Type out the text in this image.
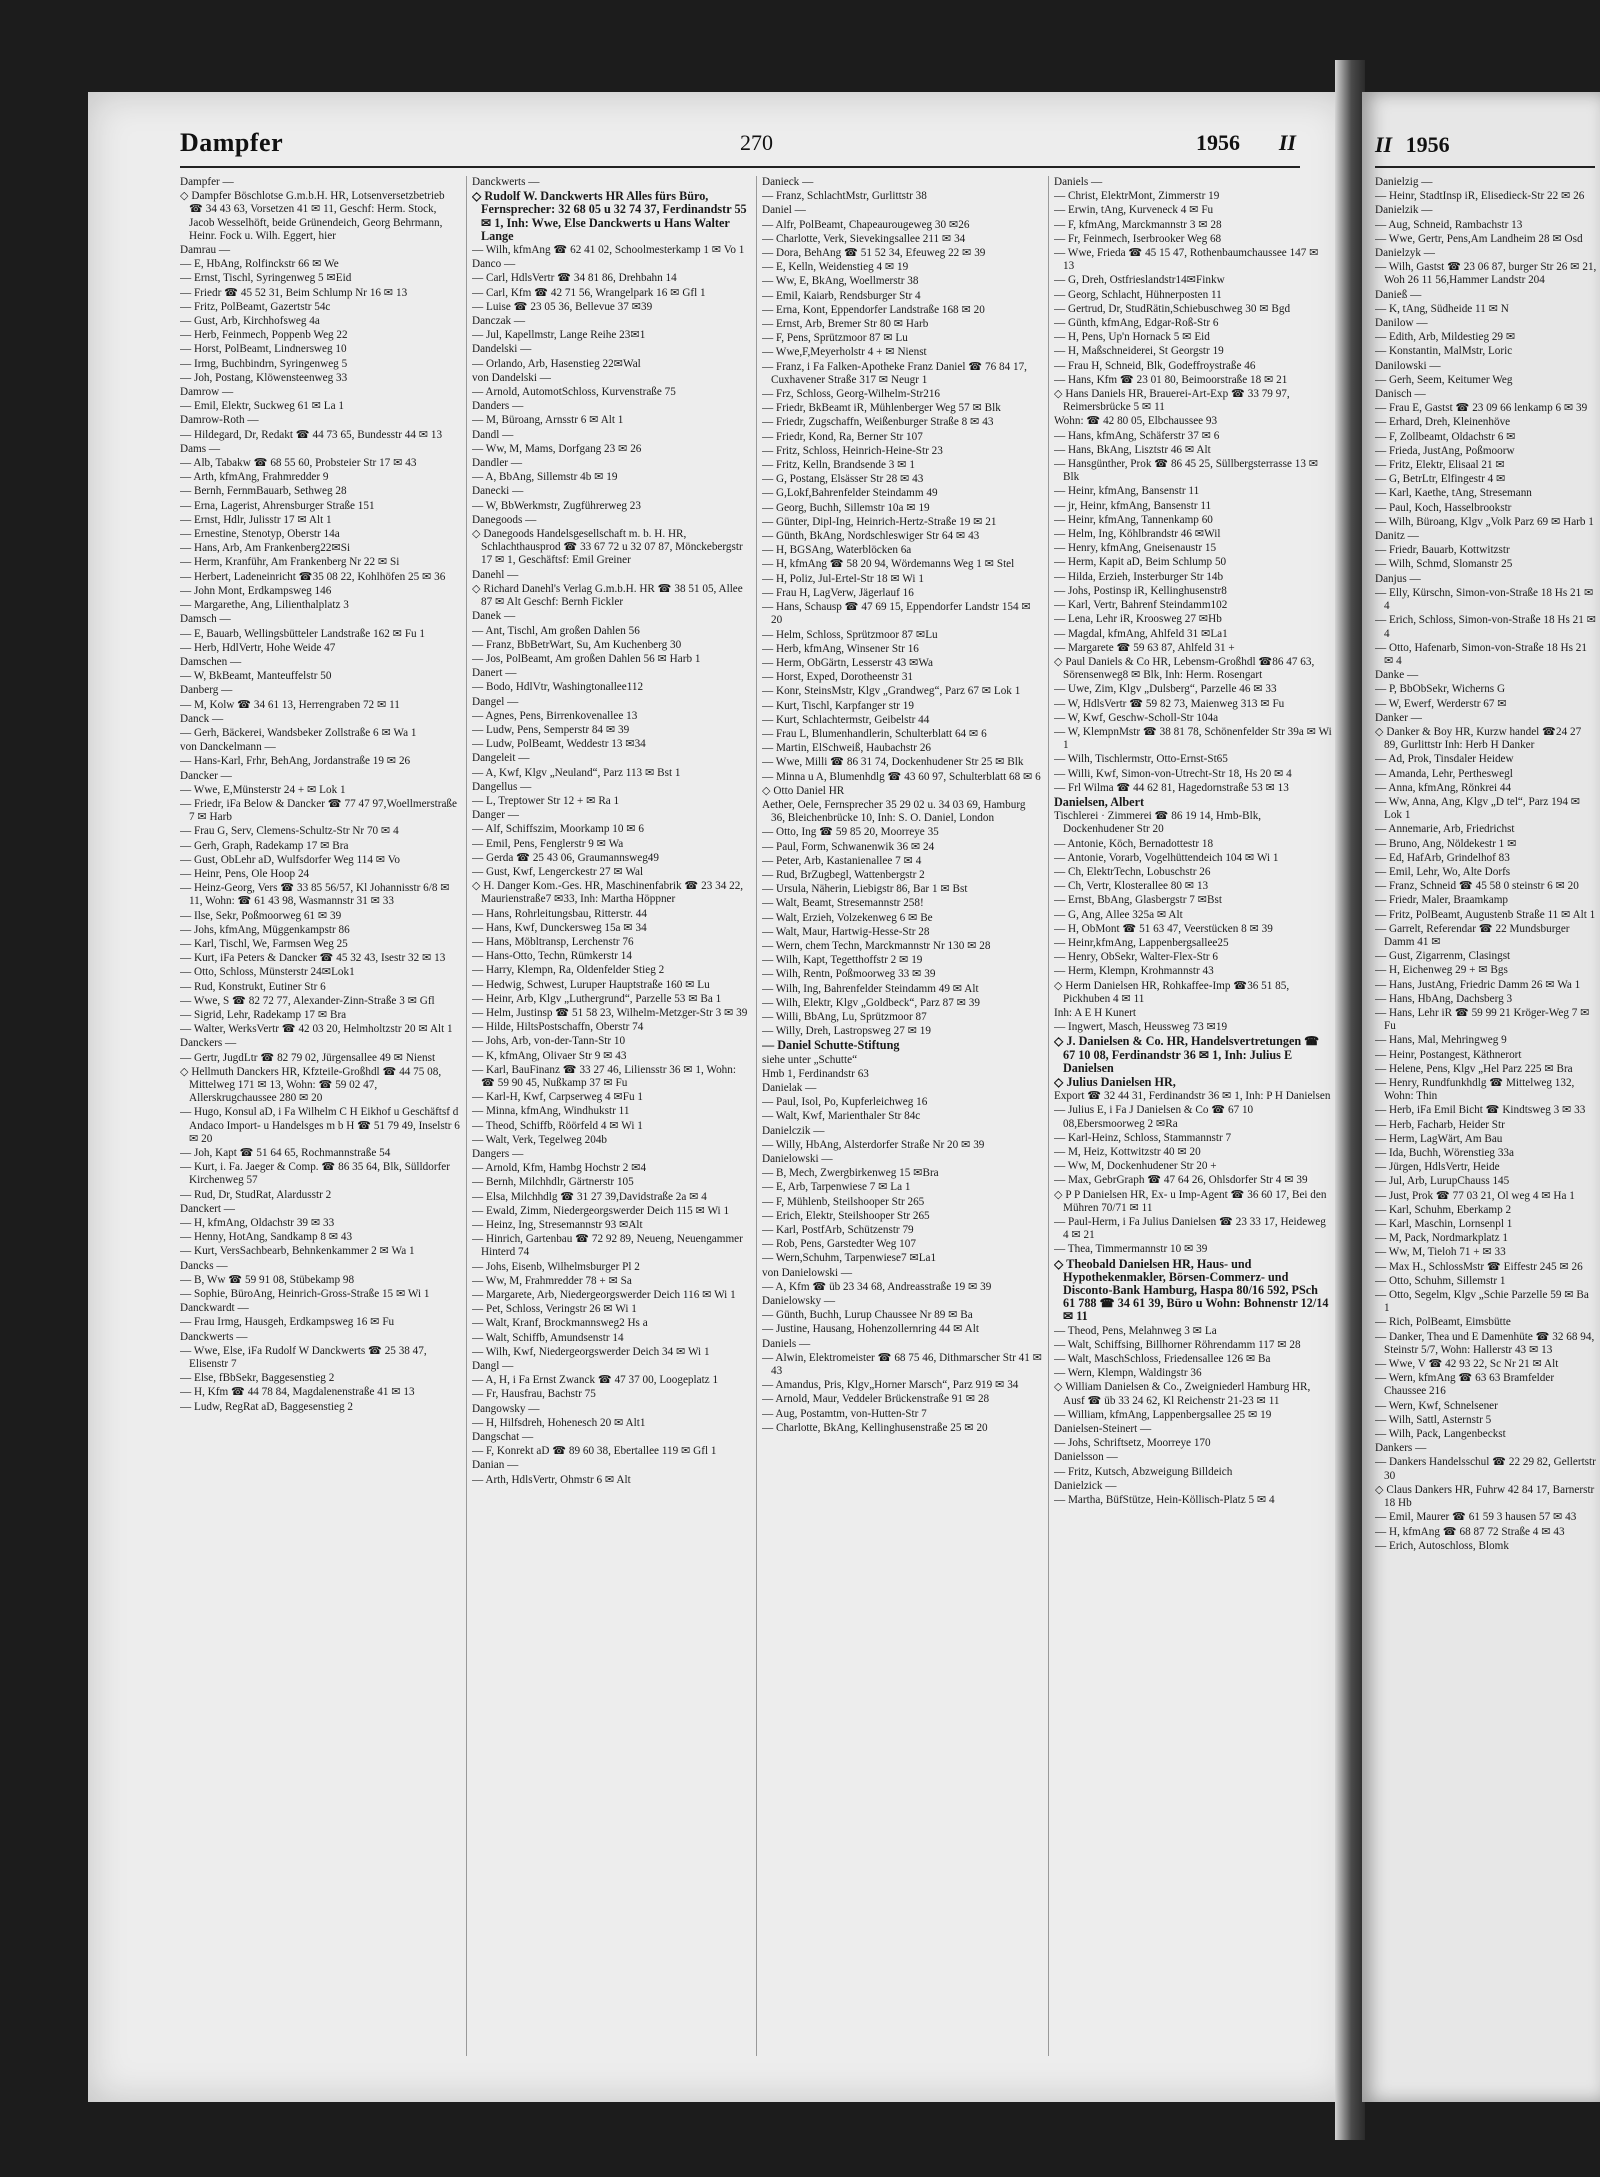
Dampfer	270	1956 II	II 1956
Dampfer —
◇ Dampfer Böschlotse G.m.b.H. HR, Lotsenversetzbetrieb ☎ 34 43 63, Vorsetzen 41 ✉ 11, Geschf: Herm. Stock, Jacob Wesselhöft, beide Grünendeich, Georg Behrmann, Heinr. Fock u. Wilh. Eggert, hier
Damrau —
— E, HbAng, Rolfinckstr 66 ✉ We
— Ernst, Tischl, Syringenweg 5 ✉Eid
— Friedr ☎ 45 52 31, Beim Schlump Nr 16 ✉ 13
— Fritz, PolBeamt, Gazertstr 54c
— Gust, Arb, Kirchhofsweg 4a
— Herb, Feinmech, Poppenb Weg 22
— Horst, PolBeamt, Lindnersweg 10
— Irmg, Buchbindrn, Syringenweg 5
— Joh, Postang, Klöwensteenweg 33
Damrow —
— Emil, Elektr, Suckweg 61 ✉ La 1
Damrow-Roth —
— Hildegard, Dr, Redakt ☎ 44 73 65, Bundesstr 44 ✉ 13
Dams —
— Alb, Tabakw ☎ 68 55 60, Probsteier Str 17 ✉ 43
— Arth, kfmAng, Frahmredder 9
— Bernh, FernmBauarb, Sethweg 28
— Erna, Lagerist, Ahrensburger Straße 151
— Ernst, Hdlr, Julisstr 17 ✉ Alt 1
— Ernestine, Stenotyp, Oberstr 14a
— Hans, Arb, Am Frankenberg22✉Si
— Herm, Kranführ, Am Frankenberg Nr 22 ✉ Si
— Herbert, Ladeneinricht ☎35 08 22, Kohlhöfen 25 ✉ 36
— John Mont, Erdkampsweg 146
— Margarethe, Ang, Lilienthalplatz 3
Damsch —
— E, Bauarb, Wellingsbütteler Landstraße 162 ✉ Fu 1
— Herb, HdlVertr, Hohe Weide 47
Damschen —
— W, BkBeamt, Manteuffelstr 50
Danberg —
— M, Kolw ☎ 34 61 13, Herrengraben 72 ✉ 11
Danck —
— Gerh, Bäckerei, Wandsbeker Zollstraße 6 ✉ Wa 1
von Danckelmann —
— Hans-Karl, Frhr, BehAng, Jordanstraße 19 ✉ 26
Dancker —
— Wwe, E,Münsterstr 24 + ✉ Lok 1
— Friedr, iFa Below & Dancker ☎ 77 47 97,Woellmerstraße 7 ✉ Harb
— Frau G, Serv, Clemens-Schultz-Str Nr 70 ✉ 4
— Gerh, Graph, Radekamp 17 ✉ Bra
— Gust, ObLehr aD, Wulfsdorfer Weg 114 ✉ Vo
— Heinr, Pens, Ole Hoop 24
— Heinz-Georg, Vers ☎ 33 85 56/57, Kl Johannisstr 6/8 ✉ 11, Wohn: ☎ 61 43 98, Wasmannstr 31 ✉ 33
— Ilse, Sekr, Poßmoorweg 61 ✉ 39
— Johs, kfmAng, Müggenkampstr 86
— Karl, Tischl, We, Farmsen Weg 25
— Kurt, iFa Peters & Dancker ☎ 45 32 43, Isestr 32 ✉ 13
— Otto, Schloss, Münsterstr 24✉Lok1
— Rud, Konstrukt, Eutiner Str 6
— Wwe, S ☎ 82 72 77, Alexander-Zinn-Straße 3 ✉ Gfl
— Sigrid, Lehr, Radekamp 17 ✉ Bra
— Walter, WerksVertr ☎ 42 03 20, Helmholtzstr 20 ✉ Alt 1
Danckers —
— Gertr, JugdLtr ☎ 82 79 02, Jürgensallee 49 ✉ Nienst
◇ Hellmuth Danckers HR, Kfzteile-Großhdl ☎ 44 75 08, Mittelweg 171 ✉ 13, Wohn: ☎ 59 02 47, Allerskrugchaussee 280 ✉ 20
— Hugo, Konsul aD, i Fa Wilhelm C H Eikhof u Geschäftsf d Andaco Import- u Handelsges m b H ☎ 51 79 49, Inselstr 6 ✉ 20
— Joh, Kapt ☎ 51 64 65, Rochmannstraße 54
— Kurt, i. Fa. Jaeger & Comp. ☎ 86 35 64, Blk, Sülldorfer Kirchenweg 57
— Rud, Dr, StudRat, Alardusstr 2
Danckert —
— H, kfmAng, Oldachstr 39 ✉ 33
— Henny, HotAng, Sandkamp 8 ✉ 43
— Kurt, VersSachbearb, Behnkenkammer 2 ✉ Wa 1
Dancks —
— B, Ww ☎ 59 91 08, Stübekamp 98
— Sophie, BüroAng, Heinrich-Gross-Straße 15 ✉ Wi 1
Danckwardt —
— Frau Irmg, Hausgeh, Erdkampsweg 16 ✉ Fu
Danckwerts —
— Wwe, Else, iFa Rudolf W Danckwerts ☎ 25 38 47, Elisenstr 7
— Else, fBbSekr, Baggesenstieg 2
— H, Kfm ☎ 44 78 84, Magdalenenstraße 41 ✉ 13
— Ludw, RegRat aD, Baggesenstieg 2
Danckwerts —
◇ Rudolf W. Danckwerts HR Alles fürs Büro, Fernsprecher: 32 68 05 u 32 74 37, Ferdinandstr 55 ✉ 1, Inh: Wwe, Else Danckwerts u Hans Walter Lange
— Wilh, kfmAng ☎ 62 41 02, Schoolmesterkamp 1 ✉ Vo 1
Danco —
— Carl, HdlsVertr ☎ 34 81 86, Drehbahn 14
— Carl, Kfm ☎ 42 71 56, Wrangelpark 16 ✉ Gfl 1
— Luise ☎ 23 05 36, Bellevue 37 ✉39
Danczak —
— Jul, Kapellmstr, Lange Reihe 23✉1
Dandelski —
— Orlando, Arb, Hasenstieg 22✉Wal
von Dandelski —
— Arnold, AutomotSchloss, Kurvenstraße 75
Danders —
— M, Büroang, Arnsstr 6 ✉ Alt 1
Dandl —
— Ww, M, Mams, Dorfgang 23 ✉ 26
Dandler —
— A, BbAng, Sillemstr 4b ✉ 19
Danecki —
— W, BbWerkmstr, Zugführerweg 23
Danegoods —
◇ Danegoods Handelsgesellschaft m. b. H. HR, Schlachthausprod ☎ 33 67 72 u 32 07 87, Mönckebergstr 17 ✉ 1, Geschäftsf: Emil Greiner
Danehl —
◇ Richard Danehl's Verlag G.m.b.H. HR ☎ 38 51 05, Allee 87 ✉ Alt Geschf: Bernh Fickler
Danek —
— Ant, Tischl, Am großen Dahlen 56
— Franz, BbBetrWart, Su, Am Kuchenberg 30
— Jos, PolBeamt, Am großen Dahlen 56 ✉ Harb 1
Danert —
— Bodo, HdlVtr, Washingtonallee112
Dangel —
— Agnes, Pens, Birrenkovenallee 13
— Ludw, Pens, Semperstr 84 ✉ 39
— Ludw, PolBeamt, Weddestr 13 ✉34
Dangeleit —
— A, Kwf, Klgv „Neuland“, Parz 113 ✉ Bst 1
Dangellus —
— L, Treptower Str 12 + ✉ Ra 1
Danger —
— Alf, Schiffszim, Moorkamp 10 ✉ 6
— Emil, Pens, Fenglerstr 9 ✉ Wa
— Gerda ☎ 25 43 06, Graumannsweg49
— Gust, Kwf, Lengerckestr 27 ✉ Wal
◇ H. Danger Kom.-Ges. HR, Maschinenfabrik ☎ 23 34 22, Maurienstraße7 ✉33, Inh: Martha Höppner
— Hans, Rohrleitungsbau, Ritterstr. 44
— Hans, Kwf, Dunckersweg 15a ✉ 34
— Hans, Möbltransp, Lerchenstr 76
— Hans-Otto, Techn, Rümkerstr 14
— Harry, Klempn, Ra, Oldenfelder Stieg 2
— Hedwig, Schwest, Luruper Hauptstraße 160 ✉ Lu
— Heinr, Arb, Klgv „Luthergrund“, Parzelle 53 ✉ Ba 1
— Helm, Justinsp ☎ 51 58 23, Wilhelm-Metzger-Str 3 ✉ 39
— Hilde, HiltsPostschaffn, Oberstr 74
— Johs, Arb, von-der-Tann-Str 10
— K, kfmAng, Olivaer Str 9 ✉ 43
— Karl, BauFinanz ☎ 33 27 46, Liliensstr 36 ✉ 1, Wohn: ☎ 59 90 45, Nußkamp 37 ✉ Fu
— Karl-H, Kwf, Carpserweg 4 ✉Fu 1
— Minna, kfmAng, Windhukstr 11
— Theod, Schiffb, Röörfeld 4 ✉ Wi 1
— Walt, Verk, Tegelweg 204b
Dangers —
— Arnold, Kfm, Hambg Hochstr 2 ✉4
— Bernh, Milchhdlr, Gärtnerstr 105
— Elsa, Milchhdlg ☎ 31 27 39,Davidstraße 2a ✉ 4
— Ewald, Zimm, Niedergeorgswerder Deich 115 ✉ Wi 1
— Heinz, Ing, Stresemannstr 93 ✉Alt
— Hinrich, Gartenbau ☎ 72 92 89, Neueng, Neuengammer Hinterd 74
— Johs, Eisenb, Wilhelmsburger Pl 2
— Ww, M, Frahmredder 78 + ✉ Sa
— Margarete, Arb, Niedergeorgswerder Deich 116 ✉ Wi 1
— Pet, Schloss, Veringstr 26 ✉ Wi 1
— Walt, Kranf, Brockmannsweg2 Hs a
— Walt, Schiffb, Amundsenstr 14
— Wilh, Kwf, Niedergeorgswerder Deich 34 ✉ Wi 1
Dangl —
— A, H, i Fa Ernst Zwanck ☎ 47 37 00, Loogeplatz 1
— Fr, Hausfrau, Bachstr 75
Dangowsky —
— H, Hilfsdreh, Hohenesch 20 ✉ Alt1
Dangschat —
— F, Konrekt aD ☎ 89 60 38, Ebertallee 119 ✉ Gfl 1
Danian —
— Arth, HdlsVertr, Ohmstr 6 ✉ Alt
Danieck —
— Franz, SchlachtMstr, Gurlittstr 38
Daniel —
— Alfr, PolBeamt, Chapeaurougeweg 30 ✉26
— Charlotte, Verk, Sievekingsallee 211 ✉ 34
— Dora, BehAng ☎ 51 52 34, Efeuweg 22 ✉ 39
— E, Kelln, Weidenstieg 4 ✉ 19
— Ww, E, BkAng, Woellmerstr 38
— Emil, Kaiarb, Rendsburger Str 4
— Erna, Kont, Eppendorfer Landstraße 168 ✉ 20
— Ernst, Arb, Bremer Str 80 ✉ Harb
— F, Pens, Sprützmoor 87 ✉ Lu
— Wwe,F,Meyerholstr 4 + ✉ Nienst
— Franz, i Fa Falken-Apotheke Franz Daniel ☎ 76 84 17, Cuxhavener Straße 317 ✉ Neugr 1
— Frz, Schloss, Georg-Wilhelm-Str216
— Friedr, BkBeamt iR, Mühlenberger Weg 57 ✉ Blk
— Friedr, Zugschaffn, Weißenburger Straße 8 ✉ 43
— Friedr, Kond, Ra, Berner Str 107
— Fritz, Schloss, Heinrich-Heine-Str 23
— Fritz, Kelln, Brandsende 3 ✉ 1
— G, Postang, Elsässer Str 28 ✉ 43
— G,Lokf,Bahrenfelder Steindamm 49
— Georg, Buchh, Sillemstr 10a ✉ 19
— Günter, Dipl-Ing, Heinrich-Hertz-Straße 19 ✉ 21
— Günth, BkAng, Nordschleswiger Str 64 ✉ 43
— H, BGSAng, Waterblöcken 6a
— H, kfmAng ☎ 58 20 94, Wördemanns Weg 1 ✉ Stel
— H, Poliz, Jul-Ertel-Str 18 ✉ Wi 1
— Frau H, LagVerw, Jägerlauf 16
— Hans, Schausp ☎ 47 69 15, Eppendorfer Landstr 154 ✉ 20
— Helm, Schloss, Sprützmoor 87 ✉Lu
— Herb, kfmAng, Winsener Str 16
— Herm, ObGärtn, Lesserstr 43 ✉Wa
— Horst, Exped, Dorotheenstr 31
— Konr, SteinsMstr, Klgv „Grandweg“, Parz 67 ✉ Lok 1
— Kurt, Tischl, Karpfanger str 19
— Kurt, Schlachtermstr, Geibelstr 44
— Frau L, Blumenhandlerin, Schulterblatt 64 ✉ 6
— Martin, ElSchweiß, Haubachstr 26
— Wwe, Milli ☎ 86 31 74, Dockenhudener Str 25 ✉ Blk
— Minna u A, Blumenhdlg ☎ 43 60 97, Schulterblatt 68 ✉ 6
◇ Otto Daniel HR
Aether, Oele, Fernsprecher 35 29 02 u. 34 03 69, Hamburg 36, Bleichenbrücke 10, Inh: S. O. Daniel, London
— Otto, Ing ☎ 59 85 20, Moorreye 35
— Paul, Form, Schwanenwik 36 ✉ 24
— Peter, Arb, Kastanienallee 7 ✉ 4
— Rud, BrZugbegl, Wattenbergstr 2
— Ursula, Näherin, Liebigstr 86, Bar 1 ✉ Bst
— Walt, Beamt, Stresemannstr 258!
— Walt, Erzieh, Volzekenweg 6 ✉ Be
— Walt, Maur, Hartwig-Hesse-Str 28
— Wern, chem Techn, Marckmannstr Nr 130 ✉ 28
— Wilh, Kapt, Tegetthoffstr 2 ✉ 19
— Wilh, Rentn, Poßmoorweg 33 ✉ 39
— Wilh, Ing, Bahrenfelder Steindamm 49 ✉ Alt
— Wilh, Elektr, Klgv „Goldbeck“, Parz 87 ✉ 39
— Willi, BbAng, Lu, Sprützmoor 87
— Willy, Dreh, Lastropsweg 27 ✉ 19
— Daniel Schutte-Stiftung
siehe unter „Schutte“
Hmb 1, Ferdinandstr 63
Danielak —
— Paul, Isol, Po, Kupferleichweg 16
— Walt, Kwf, Marienthaler Str 84c
Danielczik —
— Willy, HbAng, Alsterdorfer Straße Nr 20 ✉ 39
Danielowski —
— B, Mech, Zwergbirkenweg 15 ✉Bra
— E, Arb, Tarpenwiese 7 ✉ La 1
— F, Mühlenb, Steilshooper Str 265
— Erich, Elektr, Steilshooper Str 265
— Karl, PostfArb, Schützenstr 79
— Rob, Pens, Garstedter Weg 107
— Wern,Schuhm, Tarpenwiese7 ✉La1
von Danielowski —
— A, Kfm ☎ üb 23 34 68, Andreasstraße 19 ✉ 39
Danielowsky —
— Günth, Buchh, Lurup Chaussee Nr 89 ✉ Ba
— Justine, Hausang, Hohenzollernring 44 ✉ Alt
Daniels —
— Alwin, Elektromeister ☎ 68 75 46, Dithmarscher Str 41 ✉ 43
— Amandus, Pris, Klgv„Horner Marsch“, Parz 919 ✉ 34
— Arnold, Maur, Veddeler Brückenstraße 91 ✉ 28
— Aug, Postamtm, von-Hutten-Str 7
— Charlotte, BkAng, Kellinghusenstraße 25 ✉ 20
Daniels —
— Christ, ElektrMont, Zimmerstr 19
— Erwin, tAng, Kurveneck 4 ✉ Fu
— F, kfmAng, Marckmannstr 3 ✉ 28
— Fr, Feinmech, Iserbrooker Weg 68
— Wwe, Frieda ☎ 45 15 47, Rothenbaumchaussee 147 ✉ 13
— G, Dreh, Ostfrieslandstr14✉Finkw
— Georg, Schlacht, Hühnerposten 11
— Gertrud, Dr, StudRätin,Schiebuschweg 30 ✉ Bgd
— Günth, kfmAng, Edgar-Roß-Str 6
— H, Pens, Up'n Hornack 5 ✉ Eid
— H, Maßschneiderei, St Georgstr 19
— Frau H, Schneid, Blk, Godeffroystraße 46
— Hans, Kfm ☎ 23 01 80, Beimoorstraße 18 ✉ 21
◇ Hans Daniels HR, Brauerei-Art-Exp ☎ 33 79 97, Reimersbrücke 5 ✉ 11
Wohn: ☎ 42 80 05, Elbchaussee 93
— Hans, kfmAng, Schäferstr 37 ✉ 6
— Hans, BkAng, Lisztstr 46 ✉ Alt
— Hansgünther, Prok ☎ 86 45 25, Süllbergsterrasse 13 ✉ Blk
— Heinr, kfmAng, Bansenstr 11
— jr, Heinr, kfmAng, Bansenstr 11
— Heinr, kfmAng, Tannenkamp 60
— Helm, Ing, Köhlbrandstr 46 ✉Wil
— Henry, kfmAng, Gneisenaustr 15
— Herm, Kapit aD, Beim Schlump 50
— Hilda, Erzieh, Insterburger Str 14b
— Johs, Postinsp iR, Kellinghusenstr8
— Karl, Vertr, Bahrenf Steindamm102
— Lena, Lehr iR, Kroosweg 27 ✉Hb
— Magdal, kfmAng, Ahlfeld 31 ✉La1
— Margarete ☎ 59 63 87, Ahlfeld 31 +
◇ Paul Daniels & Co HR, Lebensm-Großhdl ☎86 47 63, Sörensenweg8 ✉ Blk, Inh: Herm. Rosengart
— Uwe, Zim, Klgv „Dulsberg“, Parzelle 46 ✉ 33
— W, HdlsVertr ☎ 59 82 73, Maienweg 313 ✉ Fu
— W, Kwf, Geschw-Scholl-Str 104a
— W, KlempnMstr ☎ 38 81 78, Schönenfelder Str 39a ✉ Wi 1
— Wilh, Tischlermstr, Otto-Ernst-St65
— Willi, Kwf, Simon-von-Utrecht-Str 18, Hs 20 ✉ 4
— Frl Wilma ☎ 44 62 81, Hagedornstraße 53 ✉ 13
Danielsen, Albert
Tischlerei · Zimmerei ☎ 86 19 14, Hmb-Blk, Dockenhudener Str 20
— Antonie, Köch, Bernadottestr 18
— Antonie, Vorarb, Vogelhüttendeich 104 ✉ Wi 1
— Ch, ElektrTechn, Lobuschstr 26
— Ch, Vertr, Klosterallee 80 ✉ 13
— Ernst, BbAng, Glasbergstr 7 ✉Bst
— G, Ang, Allee 325a ✉ Alt
— H, ObMont ☎ 51 63 47, Veerstücken 8 ✉ 39
— Heinr,kfmAng, Lappenbergsallee25
— Henry, ObSekr, Walter-Flex-Str 6
— Herm, Klempn, Krohmannstr 43
◇ Herm Danielsen HR, Rohkaffee-Imp ☎36 51 85, Pickhuben 4 ✉ 11
Inh: A E H Kunert
— Ingwert, Masch, Heussweg 73 ✉19
◇ J. Danielsen & Co. HR, Handelsvertretungen ☎ 67 10 08, Ferdinandstr 36 ✉ 1, Inh: Julius E Danielsen
◇ Julius Danielsen HR,
Export ☎ 32 44 31, Ferdinandstr 36 ✉ 1, Inh: P H Danielsen
— Julius E, i Fa J Danielsen & Co ☎ 67 10 08,Ebersmoorweg 2 ✉Ra
— Karl-Heinz, Schloss, Stammannstr 7
— M, Heiz, Kottwitzstr 40 ✉ 20
— Ww, M, Dockenhudener Str 20 +
— Max, GebrGraph ☎ 47 64 26, Ohlsdorfer Str 4 ✉ 39
◇ P P Danielsen HR, Ex- u Imp-Agent ☎ 36 60 17, Bei den Mühren 70/71 ✉ 11
— Paul-Herm, i Fa Julius Danielsen ☎ 23 33 17, Heideweg 4 ✉ 21
— Thea, Timmermannstr 10 ✉ 39
◇ Theobald Danielsen HR, Haus- und Hypothekenmakler, Börsen-Commerz- und Disconto-Bank Hamburg, Haspa 80/16 592, PSch 61 788 ☎ 34 61 39, Büro u Wohn: Bohnenstr 12/14 ✉ 11
— Theod, Pens, Melahnweg 3 ✉ La
— Walt, Schiffsing, Billhorner Röhrendamm 117 ✉ 28
— Walt, MaschSchloss, Friedensallee 126 ✉ Ba
— Wern, Klempn, Waldingstr 36
◇ William Danielsen & Co., Zweigniederl Hamburg HR, Ausf ☎ üb 33 24 62, Kl Reichenstr 21-23 ✉ 11
— William, kfmAng, Lappenbergsallee 25 ✉ 19
Danielsen-Steinert —
— Johs, Schriftsetz, Moorreye 170
Danielsson —
— Fritz, Kutsch, Abzweigung Billdeich
Danielzick —
— Martha, BüfStütze, Hein-Köllisch-Platz 5 ✉ 4
Danielzig —
— Heinr, StadtInsp iR, Elisedieck-Str 22 ✉ 26
Danielzik —
— Aug, Schneid, Rambachstr 13
— Wwe, Gertr, Pens,Am Landheim 28 ✉ Osd
Danielzyk —
— Wilh, Gastst ☎ 23 06 87, burger Str 26 ✉ 21, Woh 26 11 56,Hammer Landstr 204
Danieß —
— K, tAng, Südheide 11 ✉ N
Danilow —
— Edith, Arb, Mildestieg 29 ✉
— Konstantin, MalMstr, Loric
Danilowski —
— Gerh, Seem, Keitumer Weg
Danisch —
— Frau E, Gastst ☎ 23 09 66 lenkamp 6 ✉ 39
— Erhard, Dreh, Kleinenhöve
— F, Zollbeamt, Oldachstr 6 ✉
— Frieda, JustAng, Poßmoorw
— Fritz, Elektr, Elisaal 21 ✉
— G, BetrLtr, Elfingestr 4 ✉
— Karl, Kaethe, tAng, Stresemann
— Paul, Koch, Hasselbrookstr
— Wilh, Büroang, Klgv „Volk Parz 69 ✉ Harb 1
Danitz —
— Friedr, Bauarb, Kottwitzstr
— Wilh, Schmd, Slomanstr 25
Danjus —
— Elly, Kürschn, Simon-von-Straße 18 Hs 21 ✉ 4
— Erich, Schloss, Simon-von-Straße 18 Hs 21 ✉ 4
— Otto, Hafenarb, Simon-von-Straße 18 Hs 21 ✉ 4
Danke —
— P, BbObSekr, Wicherns G
— W, Ewerf, Werderstr 67 ✉
Danker —
◇ Danker & Boy HR, Kurzw handel ☎24 27 89, Gurlittstr Inh: Herb H Danker
— Ad, Prok, Tinsdaler Heidew
— Amanda, Lehr, Pertheswegl
— Anna, kfmAng, Rönkrei 44
— Ww, Anna, Ang, Klgv „D tel“, Parz 194 ✉ Lok 1
— Annemarie, Arb, Friedrichst
— Bruno, Ang, Nöldekestr 1 ✉
— Ed, HafArb, Grindelhof 83
— Emil, Lehr, Wo, Alte Dorfs
— Franz, Schneid ☎ 45 58 0 steinstr 6 ✉ 20
— Friedr, Maler, Braamkamp
— Fritz, PolBeamt, Augustenb Straße 11 ✉ Alt 1
— Garrelt, Referendar ☎ 22 Mundsburger Damm 41 ✉
— Gust, Zigarrenm, Clasingst
— H, Eichenweg 29 + ✉ Bgs
— Hans, JustAng, Friedric Damm 26 ✉ Wa 1
— Hans, HbAng, Dachsberg 3
— Hans, Lehr iR ☎ 59 99 21 Kröger-Weg 7 ✉ Fu
— Hans, Mal, Mehringweg 9
— Heinr, Postangest, Käthnerort
— Helene, Pens, Klgv „Hel Parz 225 ✉ Bra
— Henry, Rundfunkhdlg ☎ Mittelweg 132, Wohn: Thin
— Herb, iFa Emil Bicht ☎ Kindtsweg 3 ✉ 33
— Herb, Facharb, Heider Str
— Herm, LagWärt, Am Bau
— Ida, Buchh, Wörenstieg 33a
— Jürgen, HdlsVertr, Heide
— Jul, Arb, LurupChauss 145
— Just, Prok ☎ 77 03 21, Ol weg 4 ✉ Ha 1
— Karl, Schuhm, Eberkamp 2
— Karl, Maschin, Lornsenpl 1
— M, Pack, Nordmarkplatz 1
— Ww, M, Tieloh 71 + ✉ 33
— Max H., SchlossMstr ☎ Eiffestr 245 ✉ 26
— Otto, Schuhm, Sillemstr 1
— Otto, Segelm, Klgv „Schie Parzelle 59 ✉ Ba 1
— Rich, PolBeamt, Eimsbütte
— Danker, Thea und E Damenhüte ☎ 32 68 94, Steinstr 5/7, Wohn: Hallerstr 43 ✉ 13
— Wwe, V ☎ 42 93 22, Sc Nr 21 ✉ Alt
— Wern, kfmAng ☎ 63 63 Bramfelder Chaussee 216
— Wern, Kwf, Schnelsener
— Wilh, Sattl, Asternstr 5
— Wilh, Pack, Langenbeckst
Dankers —
— Dankers Handelsschul ☎ 22 29 82, Gellertstr 30
◇ Claus Dankers HR, Fuhrw 42 84 17, Barnerstr 18 Hb
— Emil, Maurer ☎ 61 59 3 hausen 57 ✉ 43
— H, kfmAng ☎ 68 87 72 Straße 4 ✉ 43
— Erich, Autoschloss, Blomk
